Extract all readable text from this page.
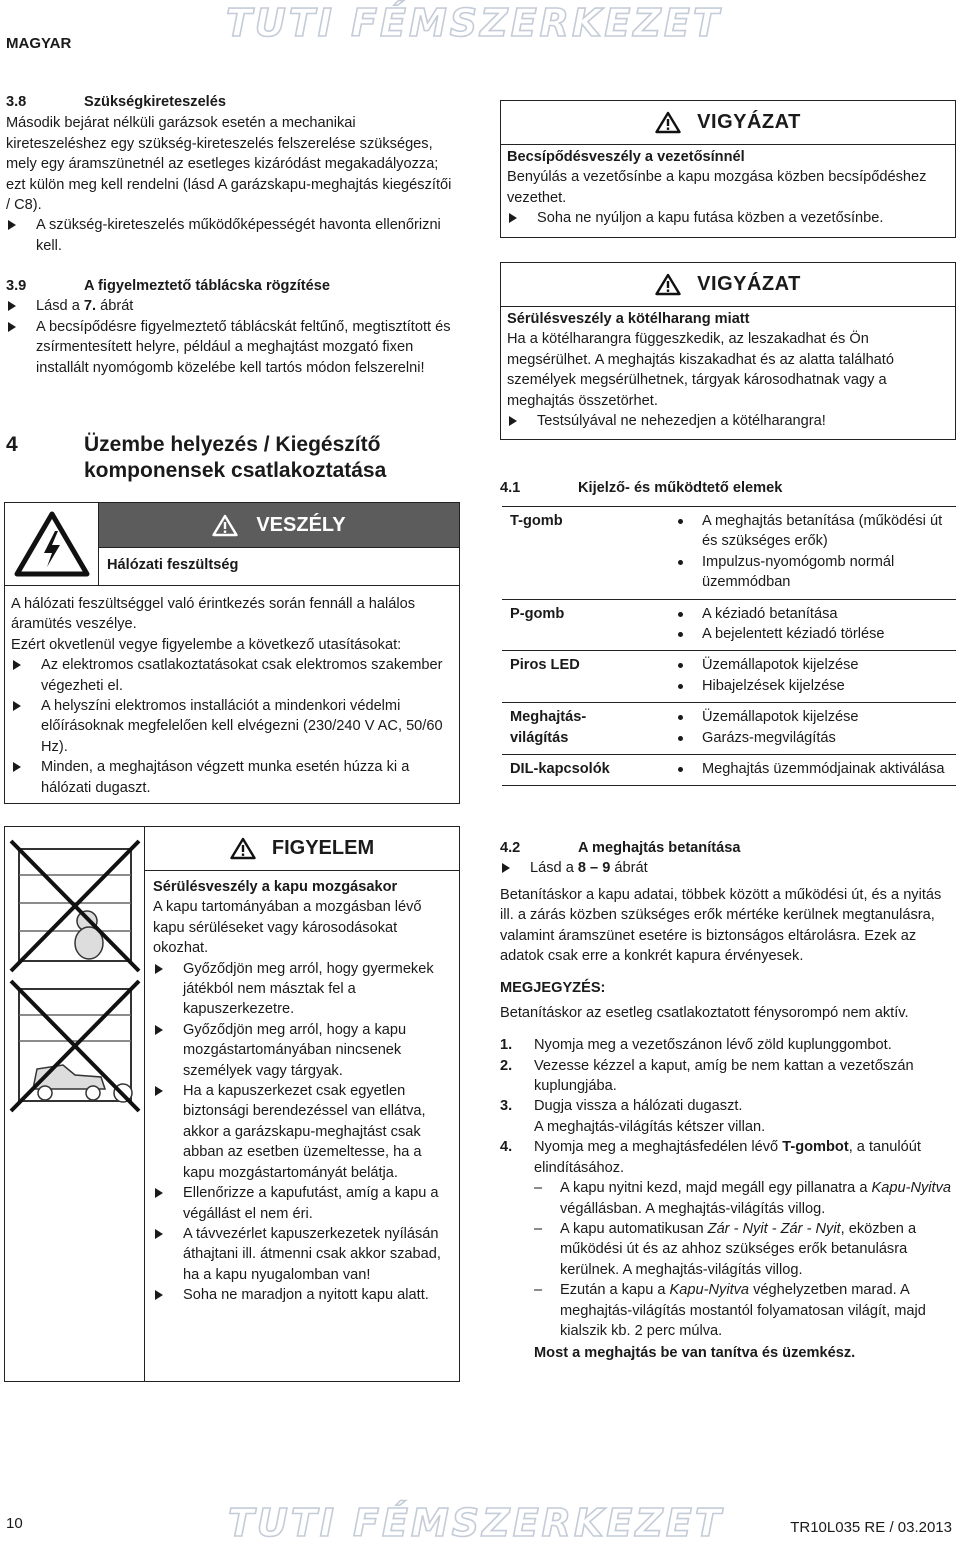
MAGYAR	TUTI FÉMSZERKEZET
3.8	Szükségkireteszelés

Második bejárat nélküli garázsok esetén a mechanikai kireteszeléshez egy szükség-kireteszelés felszerelése szükséges, mely egy áramszünetnél az esetleges kizáródást megakadályozza; ezt külön meg kell rendelni (lásd A garázskapu-meghajtás kiegészítői / C8).

A szükség-kireteszelés működőképességét havonta ellenőrizni kell.

3.9	A figyelmeztető táblácska rögzítése

Lásd a 7. ábrát

A becsípődésre figyelmeztető táblácskát feltűnő, megtisztított és zsírmentesített helyre, például a meghajtást mozgató fixen installált nyomógomb közelébe kell tartós módon felszerelni!

4	Üzembe helyezés / Kiegészítő
komponensek csatlakoztatása
VESZÉLY
Hálózati feszültség

A hálózati feszültséggel való érintkezés során fennáll a halálos áramütés veszélye.

Ezért okvetlenül vegye figyelembe a következő utasításokat:

Az elektromos csatlakoztatásokat csak elektromos szakember végezheti el.

A helyszíni elektromos installációt a mindenkori védelmi előírásoknak megfelelően kell elvégezni (230/240 V AC, 50/60 Hz).

Minden, a meghajtáson végzett munka esetén húzza ki a hálózati dugaszt.

VIGYÁZAT

Becsípődésveszély a vezetősínnél

Benyúlás a vezetősínbe a kapu mozgása közben becsípődéshez vezethet.

Soha ne nyúljon a kapu futása közben a vezetősínbe.

VIGYÁZAT

Sérülésveszély a kötélharang miatt

Ha a kötélharangra függeszkedik, az leszakadhat és Ön megsérülhet. A meghajtás kiszakadhat és az alatta található személyek megsérülhetnek, tárgyak károsodhatnak vagy a meghajtás összetörhet.

Testsúlyával ne nehezedjen a kötélharangra!

4.1	Kijelző- és működtető elemek
T-gomb	A meghajtás betanítása (működési út és szükséges erők)

Impulzus-nyomógomb normál üzemmódban

P-gomb	A kéziadó betanítása

A bejelentett kéziadó törlése

Piros LED	Üzemállapotok kijelzése

Hibajelzések kijelzése

Meghajtás-világítás	Üzemállapotok kijelzése

Garázs-megvilágítás

DIL-kapcsolók	Meghajtás üzemmódjainak aktiválása

FIGYELEM

Sérülésveszély a kapu mozgásakor

A kapu tartományában a mozgásban lévő kapu sérüléseket vagy károsodásokat okozhat.

Győződjön meg arról, hogy gyermekek játékból nem másztak fel a kapuszerkezetre.

Győződjön meg arról, hogy a kapu mozgástartományában nincsenek személyek vagy tárgyak.

Ha a kapuszerkezet csak egyetlen biztonsági berendezéssel van ellátva, akkor a garázskapu-meghajtást csak abban az esetben üzemeltesse, ha a kapu mozgástartományát belátja.

Ellenőrizze a kapufutást, amíg a kapu a végállást el nem éri.

A távvezérlet kapuszerkezetek nyílásán áthajtani ill. átmenni csak akkor szabad, ha a kapu nyugalomban van!

Soha ne maradjon a nyitott kapu alatt.

4.2	A meghajtás betanítása

Lásd a 8 – 9 ábrát

Betanításkor a kapu adatai, többek között a működési út, és a nyitás ill. a zárás közben szükséges erők mértéke kerülnek megtanulásra, valamint áramszünet esetére is biztonságos eltárolásra. Ezek az adatok csak erre a konkrét kapura érvényesek.

MEGJEGYZÉS:

Betanításkor az esetleg csatlakoztatott fénysorompó nem aktív.

1. Nyomja meg a vezetőszánon lévő zöld kuplunggombot.

2. Vezesse kézzel a kaput, amíg be nem kattan a vezetőszán kuplungjába.

3. Dugja vissza a hálózati dugaszt.
A meghajtás-világítás kétszer villan.

4. Nyomja meg a meghajtásfedélen lévő T-gombot, a tanulóút elindításához.

– A kapu nyitni kezd, majd megáll egy pillanatra a Kapu-Nyitva végállásban. A meghajtás-világítás villog.

– A kapu automatikusan Zár - Nyit - Zár - Nyit, eközben a működési út és az ahhoz szükséges erők betanulásra kerülnek. A meghajtás-világítás villog.

– Ezután a kapu a Kapu-Nyitva véghelyzetben marad. A meghajtás-világítás mostantól folyamatosan világít, majd kialszik kb. 2 perc múlva.

Most a meghajtás be van tanítva és üzemkész.

10	TUTI FÉMSZERKEZET	TR10L035 RE / 03.2013
